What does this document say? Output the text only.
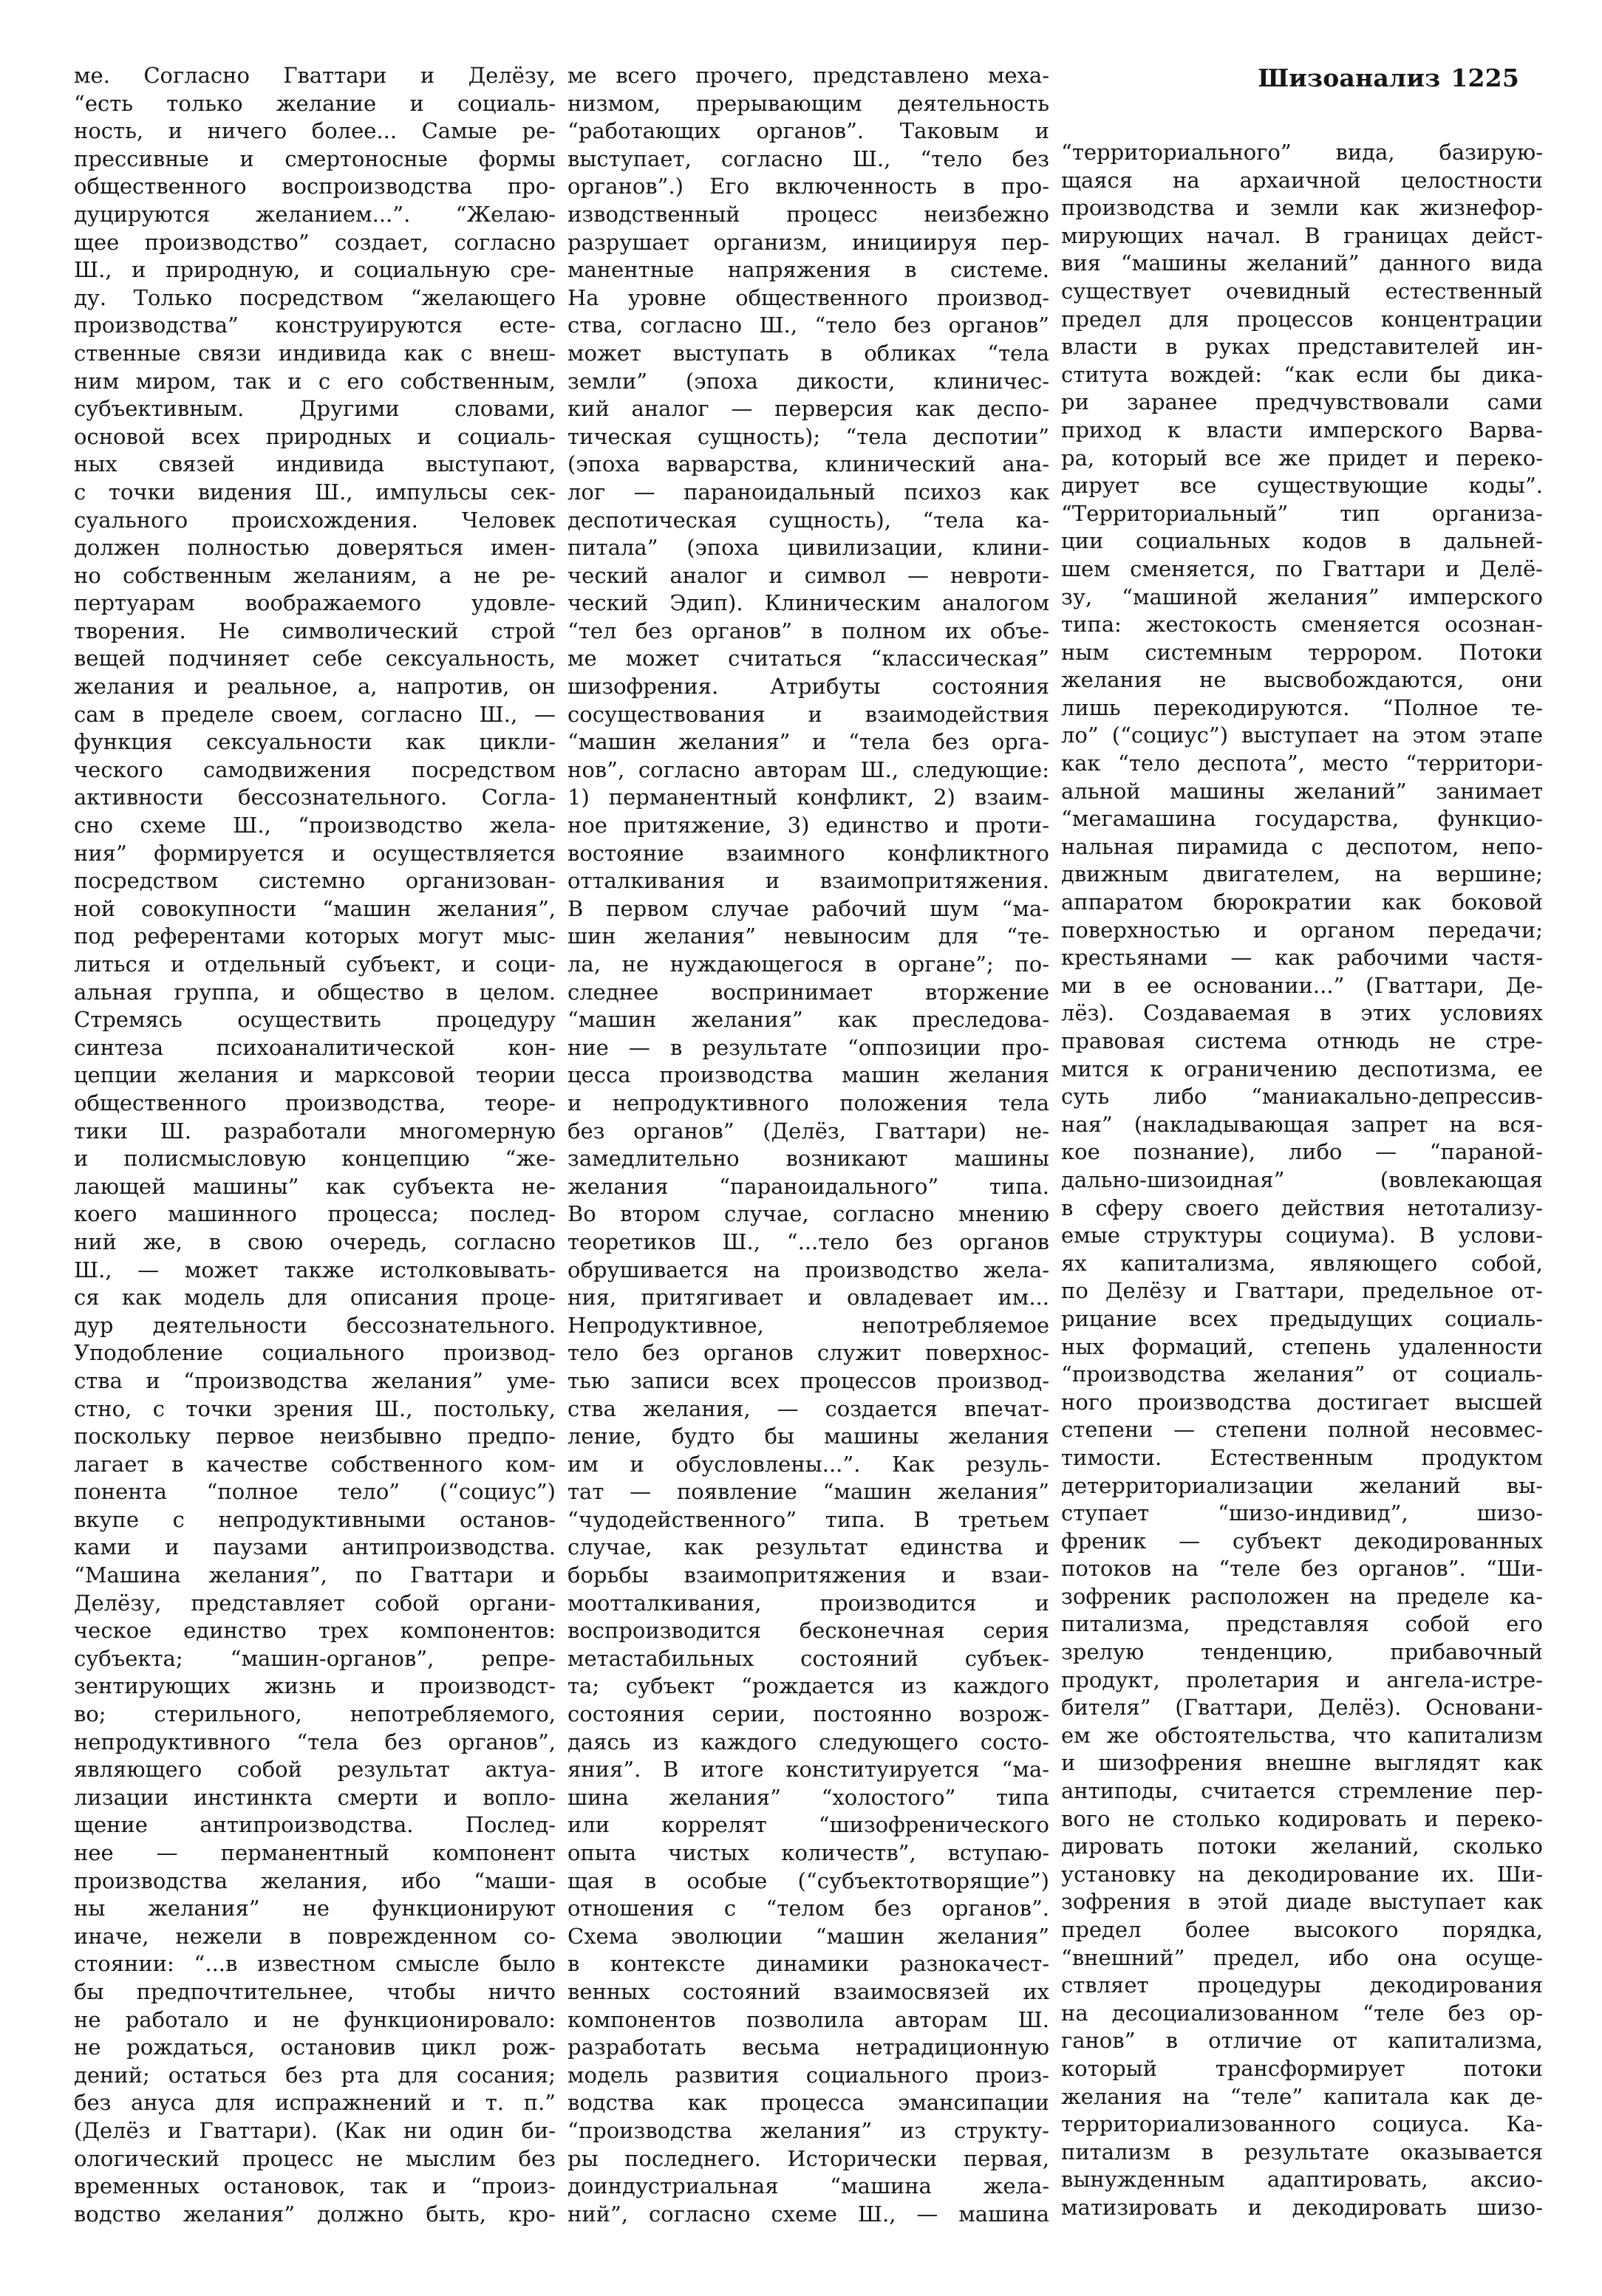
Шизоанализ 1225

ме. Согласно Гваттари и Делёзу,

“есть только желание и социаль-

ность, и ничего более... Самые ре-

прессивные и смертоносные формы

общественного воспроизводства про-

дуцируются желанием...”. “Желаю-

щее производство” создает, согласно

Ш., и природную, и социальную сре-

ду. Только посредством “желающего

производства” конструируются есте-

ственные связи индивида как с внеш-

ним миром, так и с его собственным,

субъективным. Другими словами,

основой всех природных и социаль-

ных связей индивида выступают,

с точки видения Ш., импульсы сек-

суального происхождения. Человек

должен полностью доверяться имен-

но собственным желаниям, а не ре-

пертуарам воображаемого удовле-

творения. Не символический строй

вещей подчиняет себе сексуальность,

желания и реальное, а, напротив, он

сам в пределе своем, согласно Ш., —

функция сексуальности как цикли-

ческого самодвижения посредством

активности бессознательного. Согла-

сно схеме Ш., “производство жела-

ния” формируется и осуществляется

посредством системно организован-

ной совокупности “машин желания”,

под референтами которых могут мыс-

литься и отдельный субъект, и соци-

альная группа, и общество в целом.

Стремясь осуществить процедуру

синтеза психоаналитической кон-

цепции желания и марксовой теории

общественного производства, теоре-

тики Ш. разработали многомерную

и полисмысловую концепцию “же-

лающей машины” как субъекта не-

коего машинного процесса; послед-

ний же, в свою очередь, согласно

Ш., — может также истолковывать-

ся как модель для описания проце-

дур деятельности бессознательного.

Уподобление социального производ-

ства и “производства желания” уме-

стно, с точки зрения Ш., постольку,

поскольку первое неизбывно предпо-

лагает в качестве собственного ком-

понента “полное тело” (“социус”)

вкупе с непродуктивными останов-

ками и паузами антипроизводства.

“Машина желания”, по Гваттари и

Делёзу, представляет собой органи-

ческое единство трех компонентов:

субъекта; “машин-органов”, репре-

зентирующих жизнь и производст-

во; стерильного, непотребляемого,

непродуктивного “тела без органов”,

являющего собой результат актуа-

лизации инстинкта смерти и вопло-

щение антипроизводства. Послед-

нее — перманентный компонент

производства желания, ибо “маши-

ны желания” не функционируют

иначе, нежели в поврежденном со-

стоянии: “...в известном смысле было

бы предпочтительнее, чтобы ничто

не работало и не функционировало:

не рождаться, остановив цикл рож-

дений; остаться без рта для сосания;

без ануса для испражнений и т. п.”

(Делёз и Гваттари). (Как ни один би-

ологический процесс не мыслим без

временных остановок, так и “произ-

водство желания” должно быть, кро-

ме всего прочего, представлено меха-

низмом, прерывающим деятельность

“работающих органов”. Таковым и

выступает, согласно Ш., “тело без

органов”.) Его включенность в про-

изводственный процесс неизбежно

разрушает организм, инициируя пер-

манентные напряжения в системе.

На уровне общественного производ-

ства, согласно Ш., “тело без органов”

может выступать в обликах “тела

земли” (эпоха дикости, клиничес-

кий аналог — перверсия как деспо-

тическая сущность); “тела деспотии”

(эпоха варварства, клинический ана-

лог — параноидальный психоз как

деспотическая сущность), “тела ка-

питала” (эпоха цивилизации, клини-

ческий аналог и символ — невроти-

ческий Эдип). Клиническим аналогом

“тел без органов” в полном их объе-

ме может считаться “классическая”

шизофрения. Атрибуты состояния

сосуществования и взаимодействия

“машин желания” и “тела без орга-

нов”, согласно авторам Ш., следующие:

1) перманентный конфликт, 2) взаим-

ное притяжение, 3) единство и проти-

востояние взаимного конфликтного

отталкивания и взаимопритяжения.

В первом случае рабочий шум “ма-

шин желания” невыносим для “те-

ла, не нуждающегося в органе”; по-

следнее воспринимает вторжение

“машин желания” как преследова-

ние — в результате “оппозиции про-

цесса производства машин желания

и непродуктивного положения тела

без органов” (Делёз, Гваттари) не-

замедлительно возникают машины

желания “параноидального” типа.

Во втором случае, согласно мнению

теоретиков Ш., “...тело без органов

обрушивается на производство жела-

ния, притягивает и овладевает им...

Непродуктивное, непотребляемое

тело без органов служит поверхнос-

тью записи всех процессов производ-

ства желания, — создается впечат-

ление, будто бы машины желания

им и обусловлены...”. Как резуль-

тат — появление “машин желания”

“чудодейственного” типа. В третьем

случае, как результат единства и

борьбы взаимопритяжения и взаи-

моотталкивания, производится и

воспроизводится бесконечная серия

метастабильных состояний субъек-

та; субъект “рождается из каждого

состояния серии, постоянно возрож-

даясь из каждого следующего состо-

яния”. В итоге конституируется “ма-

шина желания” “холостого” типа

или коррелят “шизофренического

опыта чистых количеств”, вступаю-

щая в особые (“субъектотворящие”)

отношения с “телом без органов”.

Схема эволюции “машин желания”

в контексте динамики разнокачест-

венных состояний взаимосвязей их

компонентов позволила авторам Ш.

разработать весьма нетрадиционную

модель развития социального произ-

водства как процесса эмансипации

“производства желания” из структу-

ры последнего. Исторически первая,

доиндустриальная “машина жела-

ний”, согласно схеме Ш., — машина

“территориального” вида, базирую-

щаяся на архаичной целостности

производства и земли как жизнефор-

мирующих начал. В границах дейст-

вия “машины желаний” данного вида

существует очевидный естественный

предел для процессов концентрации

власти в руках представителей ин-

ститута вождей: “как если бы дика-

ри заранее предчувствовали сами

приход к власти имперского Варва-

ра, который все же придет и переко-

дирует все существующие коды”.

“Территориальный” тип организа-

ции социальных кодов в дальней-

шем сменяется, по Гваттари и Делё-

зу, “машиной желания” имперского

типа: жестокость сменяется осознан-

ным системным террором. Потоки

желания не высвобождаются, они

лишь перекодируются. “Полное те-

ло” (“социус”) выступает на этом этапе

как “тело деспота”, место “территори-

альной машины желаний” занимает

“мегамашина государства, функцио-

нальная пирамида с деспотом, непо-

движным двигателем, на вершине;

аппаратом бюрократии как боковой

поверхностью и органом передачи;

крестьянами — как рабочими частя-

ми в ее основании...” (Гваттари, Де-

лёз). Создаваемая в этих условиях

правовая система отнюдь не стре-

мится к ограничению деспотизма, ее

суть либо “маниакально-депрессив-

ная” (накладывающая запрет на вся-

кое познание), либо — “параной-

дально-шизоидная” (вовлекающая

в сферу своего действия нетотализу-

емые структуры социума). В услови-

ях капитализма, являющего собой,

по Делёзу и Гваттари, предельное от-

рицание всех предыдущих социаль-

ных формаций, степень удаленности

“производства желания” от социаль-

ного производства достигает высшей

степени — степени полной несовмес-

тимости. Естественным продуктом

детерриториализации желаний вы-

ступает “шизо-индивид”, шизо-

френик — субъект декодированных

потоков на “теле без органов”. “Ши-

зофреник расположен на пределе ка-

питализма, представляя собой его

зрелую тенденцию, прибавочный

продукт, пролетария и ангела-истре-

бителя” (Гваттари, Делёз). Основани-

ем же обстоятельства, что капитализм

и шизофрения внешне выглядят как

антиподы, считается стремление пер-

вого не столько кодировать и переко-

дировать потоки желаний, сколько

установку на декодирование их. Ши-

зофрения в этой диаде выступает как

предел более высокого порядка,

“внешний” предел, ибо она осуще-

ствляет процедуры декодирования

на десоциализованном “теле без ор-

ганов” в отличие от капитализма,

который трансформирует потоки

желания на “теле” капитала как де-

территориализованного социуса. Ка-

питализм в результате оказывается

вынужденным адаптировать, аксио-

матизировать и декодировать шизо-
